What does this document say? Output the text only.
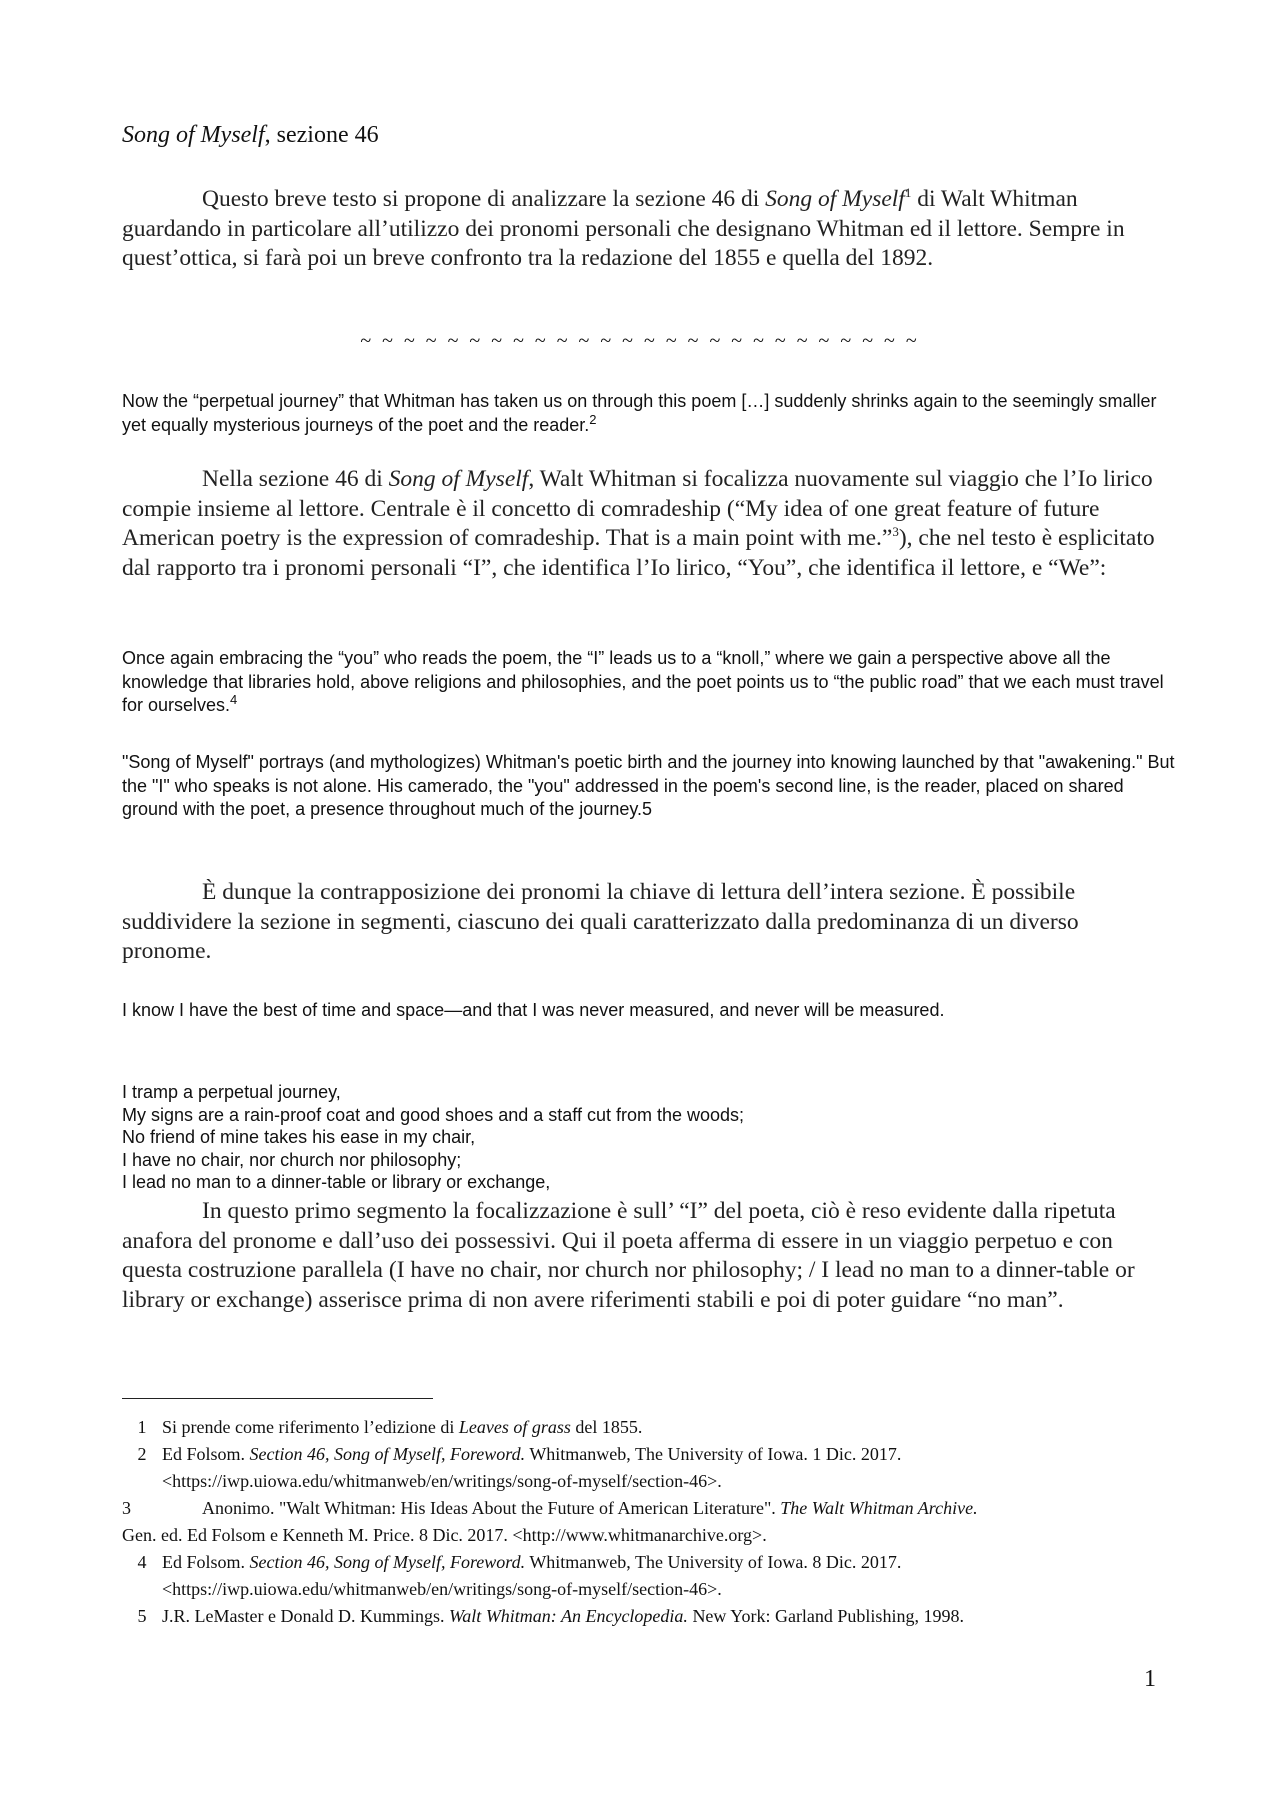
Song of Myself, sezione 46

Questo breve testo si propone di analizzare la sezione 46 di Song of Myself$^1$ di Walt Whitman guardando in particolare all’utilizzo dei pronomi personali che designano Whitman ed il lettore. Sempre in quest’ottica, si farà poi un breve confronto tra la redazione del 1855 e quella del 1892.

~ ~ ~ ~ ~ ~ ~ ~ ~ ~ ~ ~ ~ ~ ~ ~ ~ ~ ~ ~ ~ ~ ~ ~ ~ ~

Now the “perpetual journey” that Whitman has taken us on through this poem […] suddenly shrinks again to the seemingly smaller yet equally mysterious journeys of the poet and the reader.$^2$

Nella sezione 46 di Song of Myself, Walt Whitman si focalizza nuovamente sul viaggio che l’Io lirico compie insieme al lettore. Centrale è il concetto di comradeship (“My idea of one great feature of future American poetry is the expression of comradeship. That is a main point with me.”$^3$), che nel testo è esplicitato dal rapporto tra i pronomi personali “I”, che identifica l’Io lirico, “You”, che identifica il lettore, e “We”:

Once again embracing the “you” who reads the poem, the “I” leads us to a “knoll,” where we gain a perspective above all the knowledge that libraries hold, above religions and philosophies, and the poet points us to “the public road” that we each must travel for ourselves.$^4$

"Song of Myself" portrays (and mythologizes) Whitman's poetic birth and the journey into knowing launched by that "awakening." But the "I" who speaks is not alone. His camerado, the "you" addressed in the poem's second line, is the reader, placed on shared ground with the poet, a presence throughout much of the journey.5

È dunque la contrapposizione dei pronomi la chiave di lettura dell’intera sezione. È possibile suddividere la sezione in segmenti, ciascuno dei quali caratterizzato dalla predominanza di un diverso pronome.

I know I have the best of time and space—and that I was never measured, and never will be measured.

I tramp a perpetual journey,
My signs are a rain-proof coat and good shoes and a staff cut from the woods;
No friend of mine takes his ease in my chair,
I have no chair, nor church nor philosophy;
I lead no man to a dinner-table or library or exchange,

In questo primo segmento la focalizzazione è sull’ “I” del poeta, ciò è reso evidente dalla ripetuta anafora del pronome e dall’uso dei possessivi. Qui il poeta afferma di essere in un viaggio perpetuo e con questa costruzione parallela (I have no chair, nor church nor philosophy; / I lead no man to a dinner-table or library or exchange) asserisce prima di non avere riferimenti stabili e poi di poter guidare “no man”.

1 Si prende come riferimento l’edizione di Leaves of grass del 1855.
2 Ed Folsom. Section 46, Song of Myself, Foreword. Whitmanweb, The University of Iowa. 1 Dic. 2017.
<https://iwp.uiowa.edu/whitmanweb/en/writings/song-of-myself/section-46>.
3	Anonimo. "Walt Whitman: His Ideas About the Future of American Literature". The Walt Whitman Archive.
Gen. ed. Ed Folsom e Kenneth M. Price. 8 Dic. 2017. <http://www.whitmanarchive.org>.
4 Ed Folsom. Section 46, Song of Myself, Foreword. Whitmanweb, The University of Iowa. 8 Dic. 2017.
<https://iwp.uiowa.edu/whitmanweb/en/writings/song-of-myself/section-46>.
5 J.R. LeMaster e Donald D. Kummings. Walt Whitman: An Encyclopedia. New York: Garland Publishing, 1998.
1
